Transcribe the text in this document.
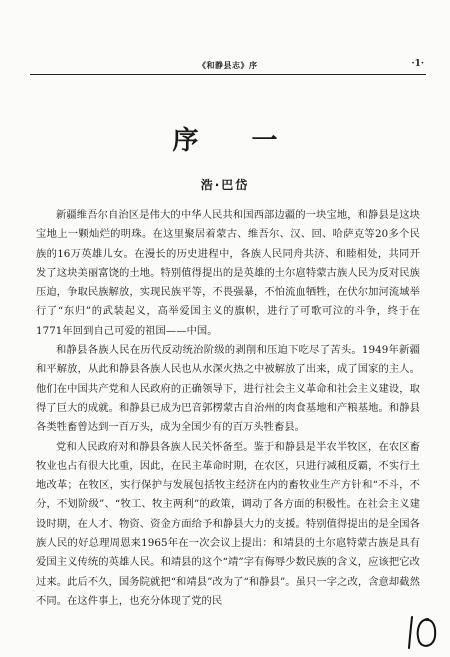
《和静县志》序	·1·
序 一
浩·巴岱

新疆维吾尔自治区是伟大的中华人民共和国西部边疆的一块宝地，和静县是这块宝地上一颗灿烂的明珠。在这里聚居着蒙古、维吾尔、汉、回、哈萨克等20多个民族的16万英雄儿女。在漫长的历史进程中，各族人民同舟共济、和睦相处，共同开发了这块美丽富饶的土地。特别值得提出的是英雄的土尔扈特蒙古族人民为反对民族压迫，争取民族解放，实现民族平等，不畏强暴，不怕流血牺牲，在伏尔加河流域举行了“东归”的武装起义，高举爱国主义的旗帜，进行了可歌可泣的斗争，终于在1771年回到自己可爱的祖国——中国。

和静县各族人民在历代反动统治阶级的剥削和压迫下吃尽了苦头。1949年新疆和平解放，从此和静县各族人民也从水深火热之中被解放了出来，成了国家的主人。他们在中国共产党和人民政府的正确领导下，进行社会主义革命和社会主义建设，取得了巨大的成就。和静县已成为巴音郭楞蒙古自治州的肉食基地和产粮基地。和静县各类牲畜曾达到一百万头，成为全国少有的百万头牲畜县。

党和人民政府对和静县各族人民关怀备至。鉴于和静县是半农半牧区，在农区畜牧业也占有很大比重，因此，在民主革命时期，在农区，只进行减租反霸，不实行土地改革；在牧区，实行保护与发展包括牧主经济在内的畜牧业生产方针和“不斗，不分，不划阶级”、“牧工、牧主两利”的政策，调动了各方面的积极性。在社会主义建设时期，在人才、物资、资金方面给予和静县大力的支援。特别值得提出的是全国各族人民的好总理周恩来1965年在一次会议上提出：和靖县的土尔扈特蒙古族是具有爱国主义传统的英雄人民。和靖县的这个“靖”字有侮辱少数民族的含义，应该把它改过来。此后不久，国务院就把“和靖县”改为了“和静县”。虽只一字之改，含意却截然不同。在这件事上，也充分体现了党的民
